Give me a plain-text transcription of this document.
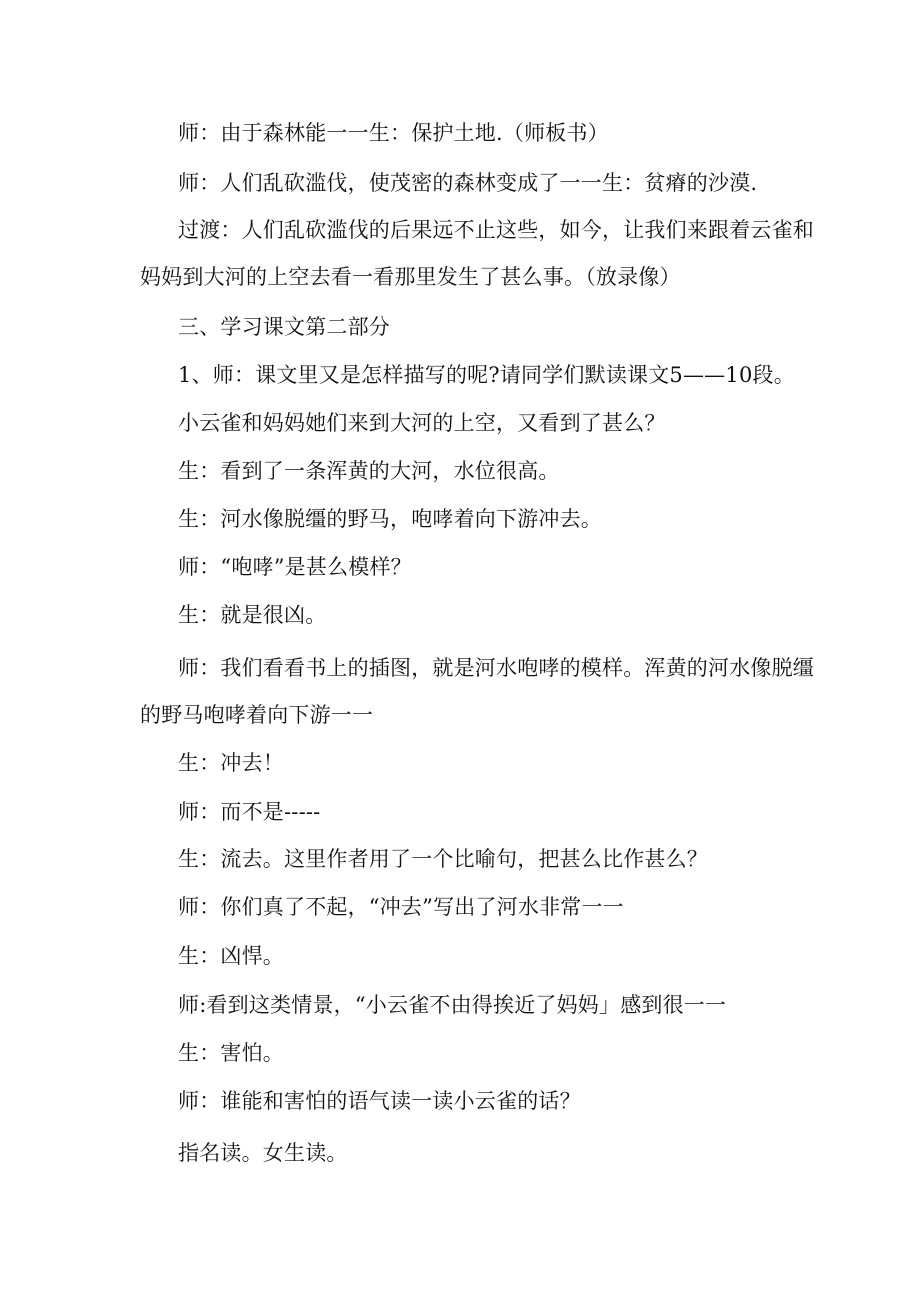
师：由于森林能一一生：保护土地.（师板书）
师：人们乱砍滥伐，使茂密的森林变成了一一生：贫瘠的沙漠.
过渡：人们乱砍滥伐的后果远不止这些，如今，让我们来跟着云雀和
妈妈到大河的上空去看一看那里发生了甚么事。（放录像）
三、学习课文第二部分
1、师：课文里又是怎样描写的呢?请同学们默读课文5——10段。
小云雀和妈妈她们来到大河的上空，又看到了甚么？
生：看到了一条浑黄的大河，水位很高。
生：河水像脱缰的野马，咆哮着向下游冲去。
师：“咆哮”是甚么模样？
生：就是很凶。
师：我们看看书上的插图，就是河水咆哮的模样。浑黄的河水像脱缰
的野马咆哮着向下游一一
生：冲去！
师：而不是-----
生：流去。这里作者用了一个比喻句，把甚么比作甚么？
师：你们真了不起，“冲去”写出了河水非常一一
生：凶悍。
师:看到这类情景，“小云雀不由得挨近了妈妈」感到很一一
生：害怕。
师：谁能和害怕的语气读一读小云雀的话？
指名读。女生读。
